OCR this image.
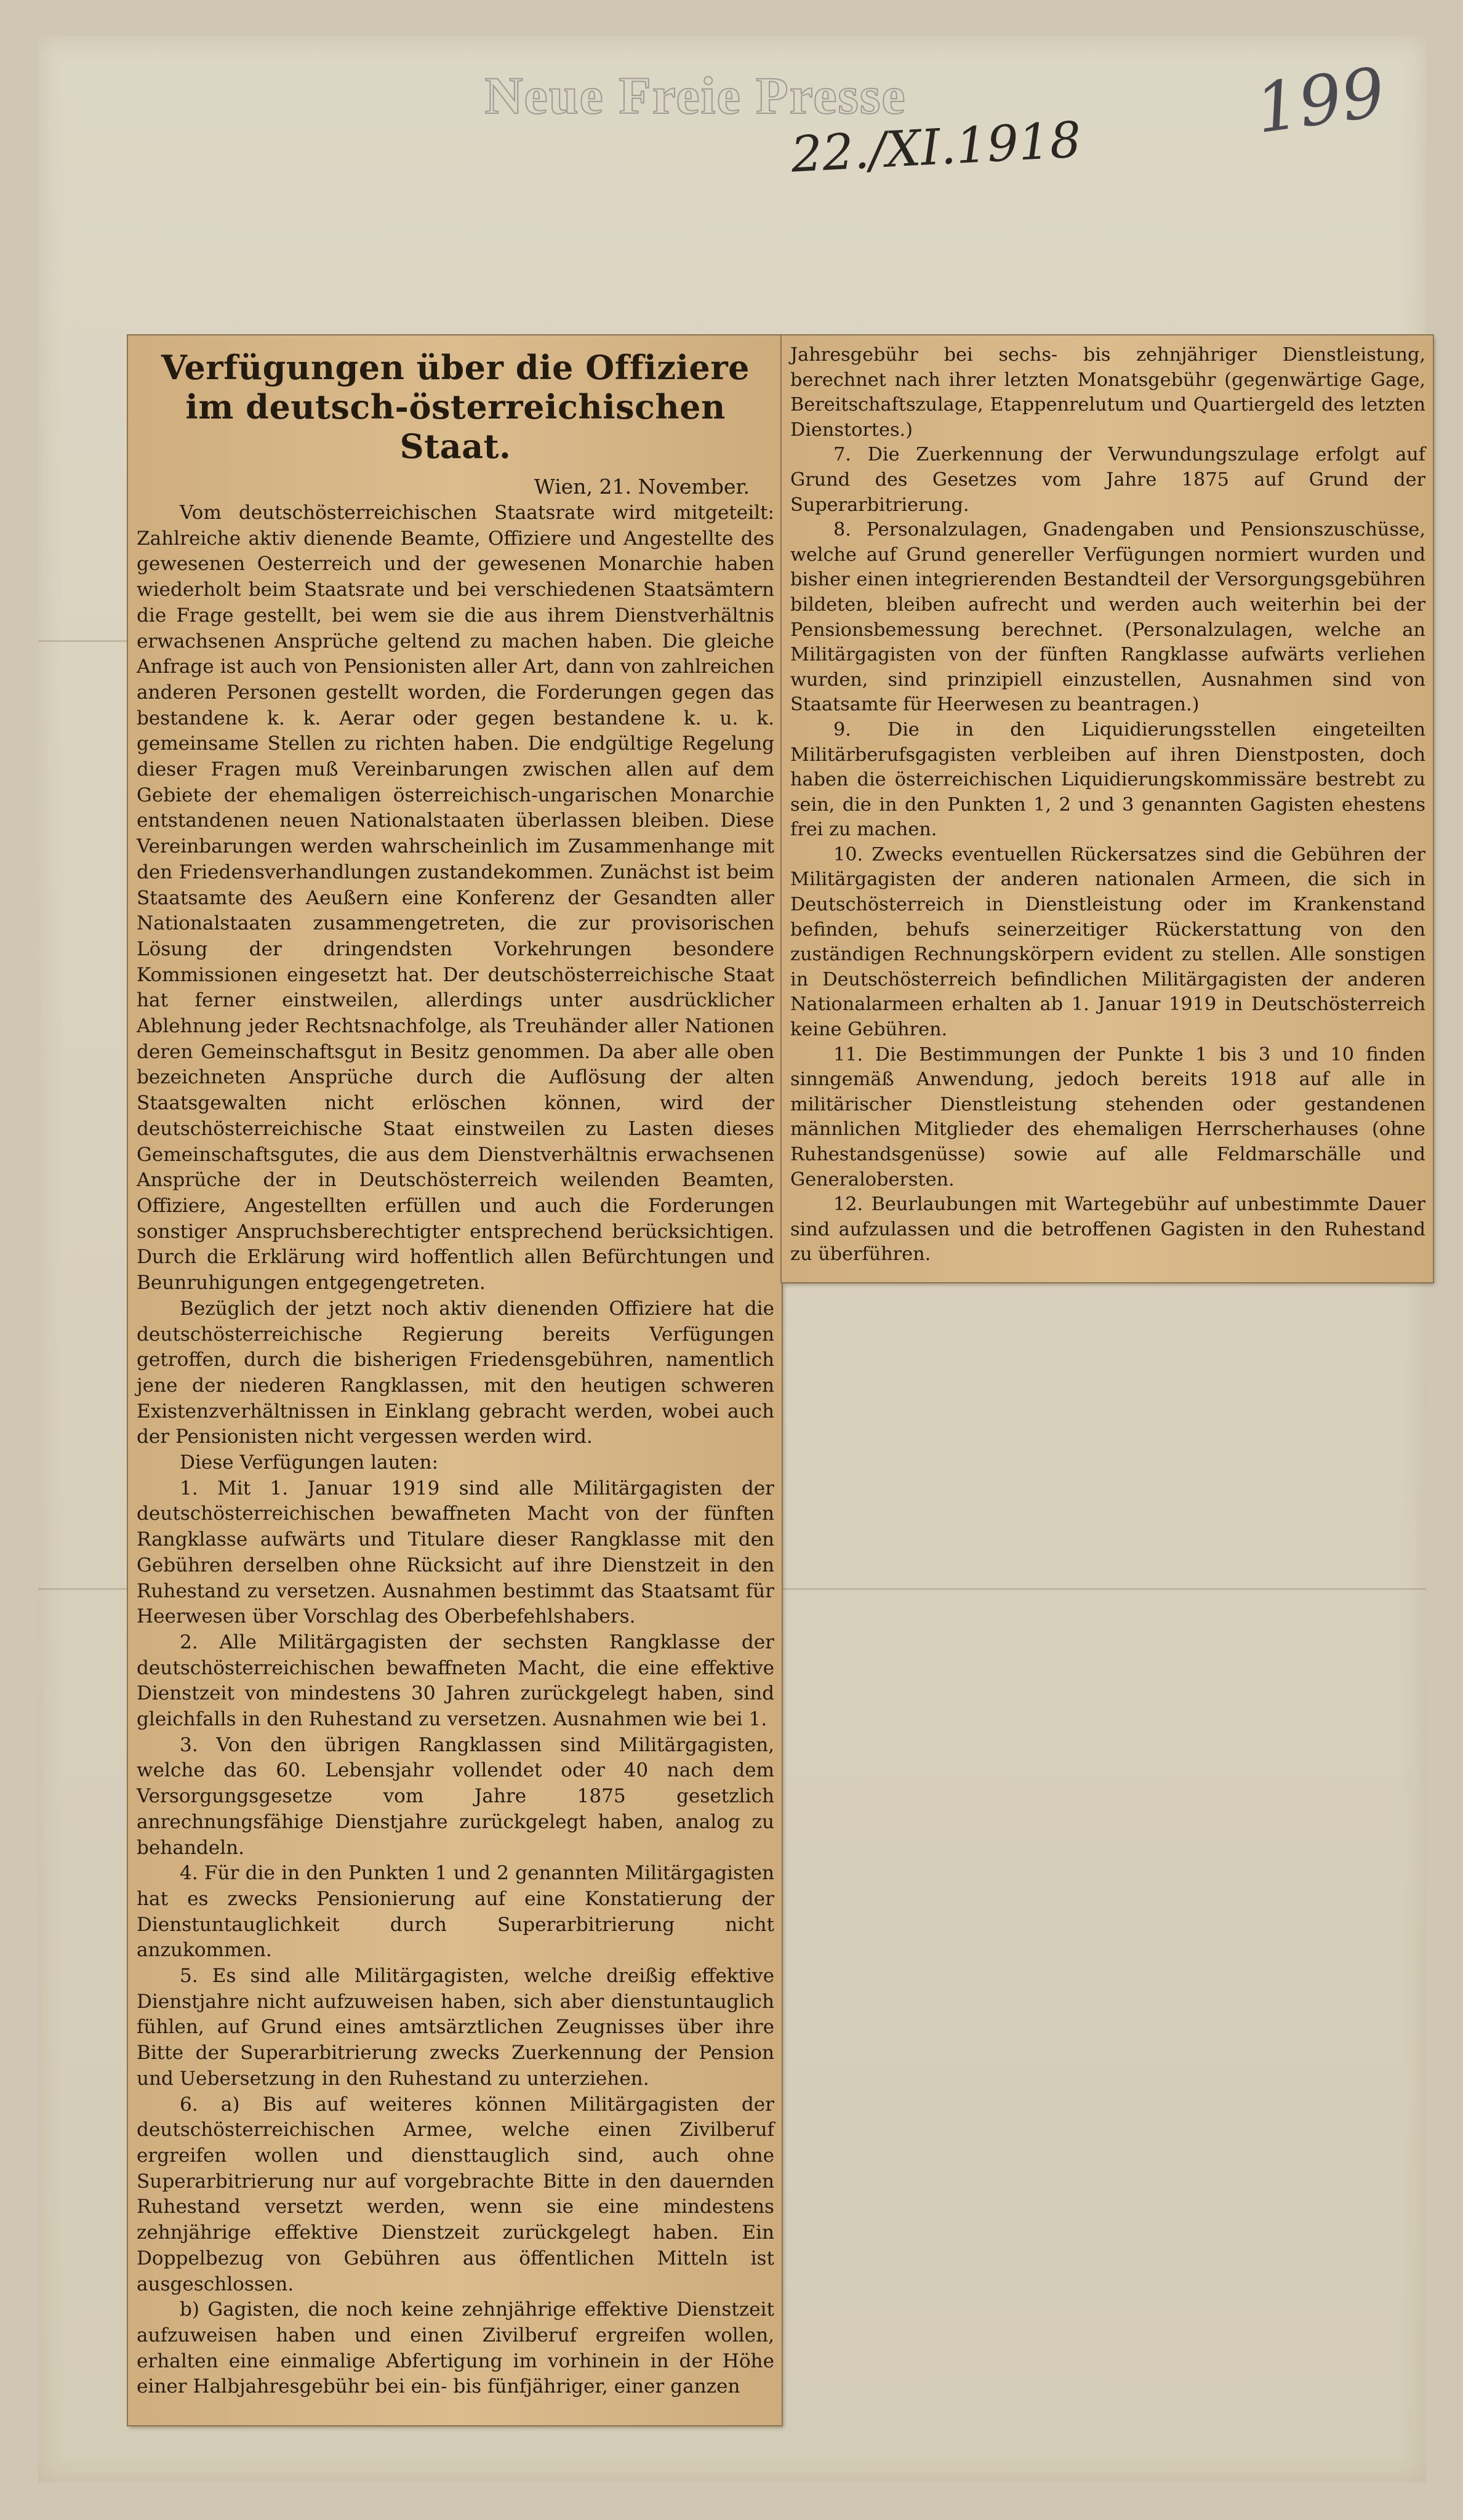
Neue Freie Presse
22./XI.1918 199
Verfügungen über die Offiziere im deutsch-österreichischen Staat.
Wien, 21. November.

Vom deutschösterreichischen Staatsrate wird mitgeteilt: Zahlreiche aktiv dienende Beamte, Offiziere und Angestellte des gewesenen Oesterreich und der gewesenen Monarchie haben wiederholt beim Staatsrate und bei verschiedenen Staatsämtern die Frage gestellt, bei wem sie die aus ihrem Dienstverhältnis erwachsenen Ansprüche geltend zu machen haben. Die gleiche Anfrage ist auch von Pensionisten aller Art, dann von zahlreichen anderen Personen gestellt worden, die Forderungen gegen das bestandene k. k. Aerar oder gegen bestandene k. u. k. gemeinsame Stellen zu richten haben. Die endgültige Regelung dieser Fragen muß Vereinbarungen zwischen allen auf dem Gebiete der ehemaligen österreichisch-ungarischen Monarchie entstandenen neuen Nationalstaaten überlassen bleiben. Diese Vereinbarungen werden wahrscheinlich im Zusammenhange mit den Friedensverhandlungen zustandekommen. Zunächst ist beim Staatsamte des Aeußern eine Konferenz der Gesandten aller Nationalstaaten zusammengetreten, die zur provisorischen Lösung der dringendsten Vorkehrungen besondere Kommissionen eingesetzt hat. Der deutschösterreichische Staat hat ferner einstweilen, allerdings unter ausdrücklicher Ablehnung jeder Rechtsnachfolge, als Treuhänder aller Nationen deren Gemeinschaftsgut in Besitz genommen. Da aber alle oben bezeichneten Ansprüche durch die Auflösung der alten Staatsgewalten nicht erlöschen können, wird der deutschösterreichische Staat einstweilen zu Lasten dieses Gemeinschaftsgutes, die aus dem Dienstverhältnis erwachsenen Ansprüche der in Deutschösterreich weilenden Beamten, Offiziere, Angestellten erfüllen und auch die Forderungen sonstiger Anspruchsberechtigter entsprechend berücksichtigen. Durch die Erklärung wird hoffentlich allen Befürchtungen und Beunruhigungen entgegengetreten.

Bezüglich der jetzt noch aktiv dienenden Offiziere hat die deutschösterreichische Regierung bereits Verfügungen getroffen, durch die bisherigen Friedensgebühren, namentlich jene der niederen Rangklassen, mit den heutigen schweren Existenzverhältnissen in Einklang gebracht werden, wobei auch der Pensionisten nicht vergessen werden wird.

Diese Verfügungen lauten:

1. Mit 1. Januar 1919 sind alle Militärgagisten der deutschösterreichischen bewaffneten Macht von der fünften Rangklasse aufwärts und Titulare dieser Rangklasse mit den Gebühren derselben ohne Rücksicht auf ihre Dienstzeit in den Ruhestand zu versetzen. Ausnahmen bestimmt das Staatsamt für Heerwesen über Vorschlag des Oberbefehlshabers.

2. Alle Militärgagisten der sechsten Rangklasse der deutschösterreichischen bewaffneten Macht, die eine effektive Dienstzeit von mindestens 30 Jahren zurückgelegt haben, sind gleichfalls in den Ruhestand zu versetzen. Ausnahmen wie bei 1.

3. Von den übrigen Rangklassen sind Militärgagisten, welche das 60. Lebensjahr vollendet oder 40 nach dem Versorgungsgesetze vom Jahre 1875 gesetzlich anrechnungsfähige Dienstjahre zurückgelegt haben, analog zu behandeln.

4. Für die in den Punkten 1 und 2 genannten Militärgagisten hat es zwecks Pensionierung auf eine Konstatierung der Dienstuntauglichkeit durch Superarbitrierung nicht anzukommen.

5. Es sind alle Militärgagisten, welche dreißig effektive Dienstjahre nicht aufzuweisen haben, sich aber dienstuntauglich fühlen, auf Grund eines amtsärztlichen Zeugnisses über ihre Bitte der Superarbitrierung zwecks Zuerkennung der Pension und Uebersetzung in den Ruhestand zu unterziehen.

6. a) Bis auf weiteres können Militärgagisten der deutschösterreichischen Armee, welche einen Zivilberuf ergreifen wollen und diensttauglich sind, auch ohne Superarbitrierung nur auf vorgebrachte Bitte in den dauernden Ruhestand versetzt werden, wenn sie eine mindestens zehnjährige effektive Dienstzeit zurückgelegt haben. Ein Doppelbezug von Gebühren aus öffentlichen Mitteln ist ausgeschlossen.

b) Gagisten, die noch keine zehnjährige effektive Dienstzeit aufzuweisen haben und einen Zivilberuf ergreifen wollen, erhalten eine einmalige Abfertigung im vorhinein in der Höhe einer Halbjahresgebühr bei ein- bis fünfjähriger, einer ganzen

Jahresgebühr bei sechs- bis zehnjähriger Dienstleistung, berechnet nach ihrer letzten Monatsgebühr (gegenwärtige Gage, Bereitschaftszulage, Etappenrelutum und Quartiergeld des letzten Dienstortes.)

7. Die Zuerkennung der Verwundungszulage erfolgt auf Grund des Gesetzes vom Jahre 1875 auf Grund der Superarbitrierung.

8. Personalzulagen, Gnadengaben und Pensionszuschüsse, welche auf Grund genereller Verfügungen normiert wurden und bisher einen integrierenden Bestandteil der Versorgungsgebühren bildeten, bleiben aufrecht und werden auch weiterhin bei der Pensionsbemessung berechnet. (Personalzulagen, welche an Militärgagisten von der fünften Rangklasse aufwärts verliehen wurden, sind prinzipiell einzustellen, Ausnahmen sind von Staatsamte für Heerwesen zu beantragen.)

9. Die in den Liquidierungsstellen eingeteilten Militärberufsgagisten verbleiben auf ihren Dienstposten, doch haben die österreichischen Liquidierungskommissäre bestrebt zu sein, die in den Punkten 1, 2 und 3 genannten Gagisten ehestens frei zu machen.

10. Zwecks eventuellen Rückersatzes sind die Gebühren der Militärgagisten der anderen nationalen Armeen, die sich in Deutschösterreich in Dienstleistung oder im Krankenstand befinden, behufs seinerzeitiger Rückerstattung von den zuständigen Rechnungskörpern evident zu stellen. Alle sonstigen in Deutschösterreich befindlichen Militärgagisten der anderen Nationalarmeen erhalten ab 1. Januar 1919 in Deutschösterreich keine Gebühren.

11. Die Bestimmungen der Punkte 1 bis 3 und 10 finden sinngemäß Anwendung, jedoch bereits 1918 auf alle in militärischer Dienstleistung stehenden oder gestandenen männlichen Mitglieder des ehemaligen Herrscherhauses (ohne Ruhestandsgenüsse) sowie auf alle Feldmarschälle und Generalobersten.

12. Beurlaubungen mit Wartegebühr auf unbestimmte Dauer sind aufzulassen und die betroffenen Gagisten in den Ruhestand zu überführen.
